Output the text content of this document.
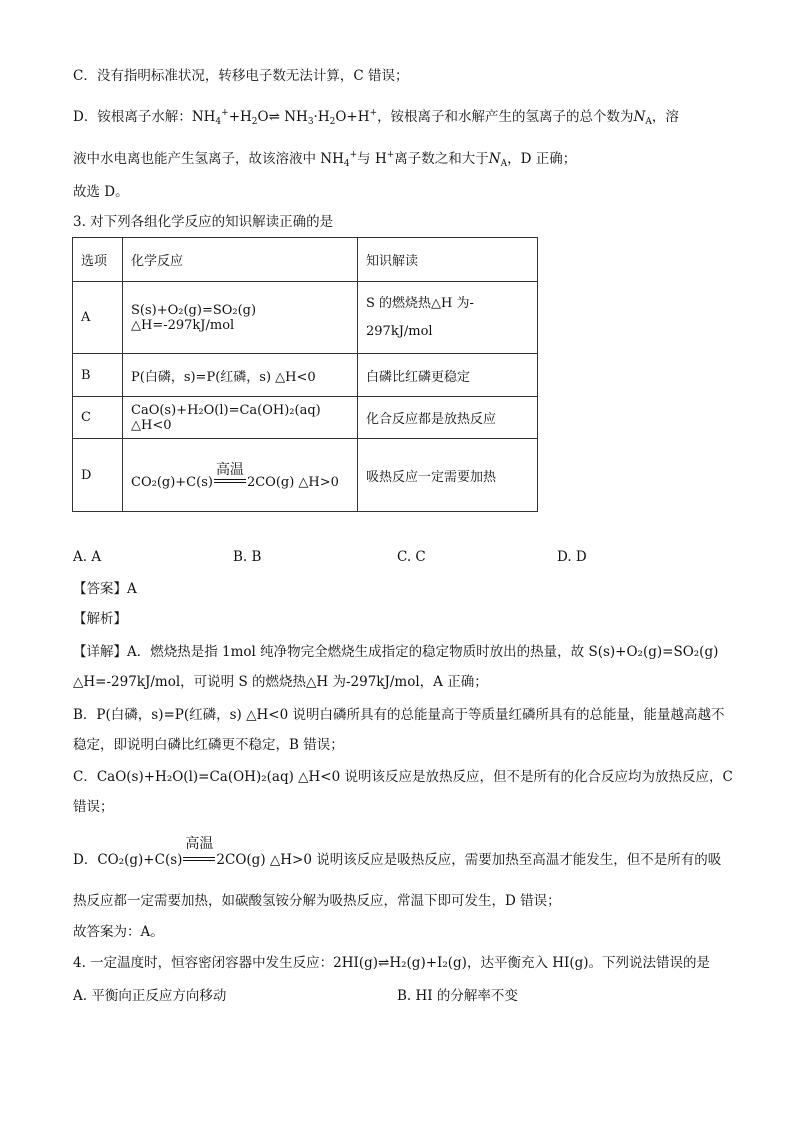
C．没有指明标准状况，转移电子数无法计算，C 错误；
D．铵根离子水解：$NH_4^++H_2O\rightleftharpoons$ $NH_3\cdot H_2O+H^+$，铵根离子和水解产生的氢离子的总个数为$N_A$，溶
液中水电离也能产生氢离子，故该溶液中 $NH_4^+$与 H+离子数之和大于$N_A$，D 正确；
故选 D。
3. 对下列各组化学反应的知识解读正确的是
选项	化学反应	知识解读
A	S(s)+O₂(g)=SO₂(g) △H=-297kJ/mol	S 的燃烧热△H 为-
297kJ/mol

B	P(白磷，s)=P(红磷，s) △H<0	白磷比红磷更稳定
C	CaO(s)+H₂O(l)=Ca(OH)₂(aq) △H<0	化合反应都是放热反应
D	CO₂(g)+C(s)
高温
2CO(g) △H>0	吸热反应一定需要加热
A. A	B. B	C. C	D. D
【答案】A
【解析】
【详解】A．燃烧热是指 1mol 纯净物完全燃烧生成指定的稳定物质时放出的热量，故 S(s)+O₂(g)=SO₂(g)
△H=-297kJ/mol，可说明 S 的燃烧热△H 为-297kJ/mol，A 正确；
B．P(白磷，s)=P(红磷，s) △H<0 说明白磷所具有的总能量高于等质量红磷所具有的总能量，能量越高越不
稳定，即说明白磷比红磷更不稳定，B 错误；
C．CaO(s)+H₂O(l)=Ca(OH)₂(aq) △H<0 说明该反应是放热反应，但不是所有的化合反应均为放热反应，C
错误；
D．CO₂(g)+C(s)
高温
2CO(g) △H>0 说明该反应是吸热反应，需要加热至高温才能发生，但不是所有的吸
热反应都一定需要加热，如碳酸氢铵分解为吸热反应，常温下即可发生，D 错误；
故答案为：A。
4. 一定温度时，恒容密闭容器中发生反应：2HI(g)⇌H₂(g)+I₂(g)，达平衡充入 HI(g)。下列说法错误的是
A. 平衡向正反应方向移动	B. HI 的分解率不变
